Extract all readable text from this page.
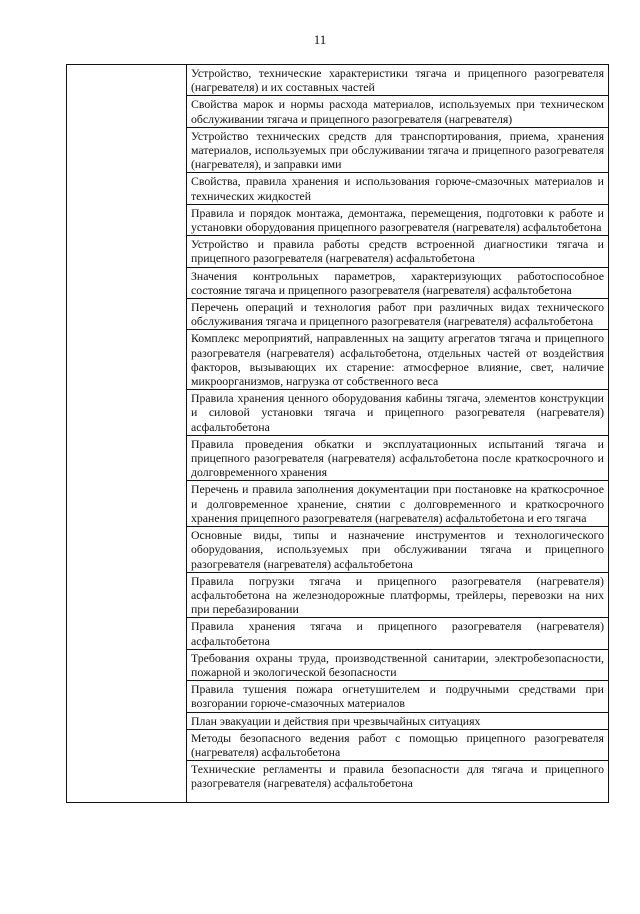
11

Устройство, технические характеристики тягача и прицепного разогревателя (нагревателя) и их составных частей
Свойства марок и нормы расхода материалов, используемых при техническом обслуживании тягача и прицепного разогревателя (нагревателя)
Устройство технических средств для транспортирования, приема, хранения материалов, используемых при обслуживании тягача и прицепного разогревателя (нагревателя), и заправки ими
Свойства, правила хранения и использования горюче-смазочных материалов и технических жидкостей
Правила и порядок монтажа, демонтажа, перемещения, подготовки к работе и установки оборудования прицепного разогревателя (нагревателя) асфальтобетона
Устройство и правила работы средств встроенной диагностики тягача и прицепного разогревателя (нагревателя) асфальтобетона
Значения контрольных параметров, характеризующих работоспособное состояние тягача и прицепного разогревателя (нагревателя) асфальтобетона
Перечень операций и технология работ при различных видах технического обслуживания тягача и прицепного разогревателя (нагревателя) асфальтобетона
Комплекс мероприятий, направленных на защиту агрегатов тягача и прицепного разогревателя (нагревателя) асфальтобетона, отдельных частей от воздействия факторов, вызывающих их старение: атмосферное влияние, свет, наличие микроорганизмов, нагрузка от собственного веса
Правила хранения ценного оборудования кабины тягача, элементов конструкции и силовой установки тягача и прицепного разогревателя (нагревателя) асфальтобетона
Правила проведения обкатки и эксплуатационных испытаний тягача и прицепного разогревателя (нагревателя) асфальтобетона после краткосрочного и долговременного хранения
Перечень и правила заполнения документации при постановке на краткосрочное и долговременное хранение, снятии с долговременного и краткосрочного хранения прицепного разогревателя (нагревателя) асфальтобетона и его тягача
Основные виды, типы и назначение инструментов и технологического оборудования, используемых при обслуживании тягача и прицепного разогревателя (нагревателя) асфальтобетона
Правила погрузки тягача и прицепного разогревателя (нагревателя) асфальтобетона на железнодорожные платформы, трейлеры, перевозки на них при перебазировании
Правила хранения тягача и прицепного разогревателя (нагревателя) асфальтобетона
Требования охраны труда, производственной санитарии, электробезопасности, пожарной и экологической безопасности
Правила тушения пожара огнетушителем и подручными средствами при возгорании горюче-смазочных материалов
План эвакуации и действия при чрезвычайных ситуациях
Методы безопасного ведения работ с помощью прицепного разогревателя (нагревателя) асфальтобетона
Технические регламенты и правила безопасности для тягача и прицепного разогревателя (нагревателя) асфальтобетона
